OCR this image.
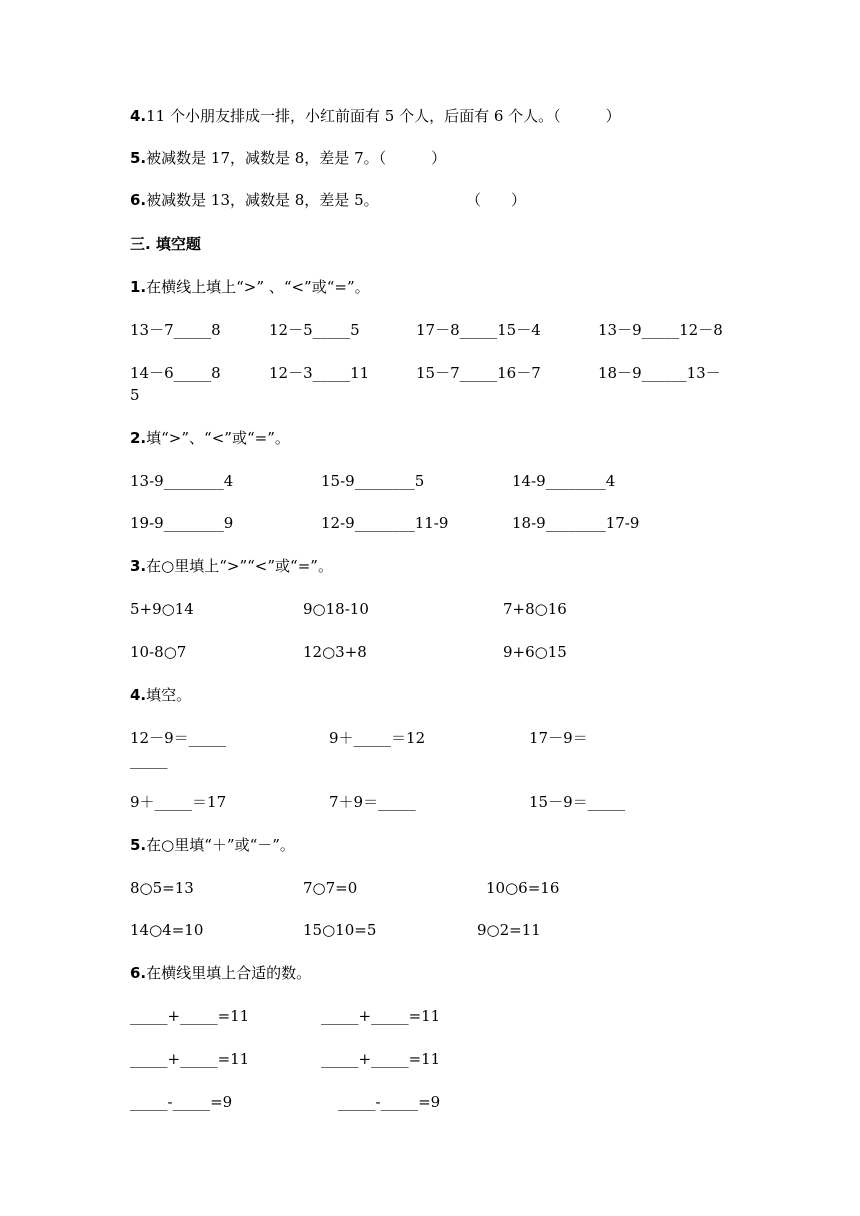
4.11 个小朋友排成一排，小红前面有 5 个人，后面有 6 个人。（　　　）
5.被减数是 17，减数是 8，差是 7。（　　　）
6.被减数是 13，减数是 8，差是 5。	（　　）
三. 填空题
1.在横线上填上“>” 、“<”或“=”。
13－7_____8	12－5_____5	17－8_____15－4	13－9_____12－8
14－6_____8	12－3_____11	15－7_____16－7	18－9______13－
5
2.填“>”、“<”或“=”。
13-9________4	15-9________5	14-9________4
19-9________9	12-9________11-9	18-9________17-9
3.在○里填上“>”“<”或“=”。
5+9○14	9○18-10	7+8○16
10-8○7	12○3+8	9+6○15
4.填空。
12－9＝_____	9＋_____＝12	17－9＝
_____
9＋_____＝17	7＋9＝_____	15－9＝_____
5.在○里填“＋”或“－”。
8○5=13	7○7=0	10○6=16
14○4=10	15○10=5	9○2=11
6.在横线里填上合适的数。
_____+_____=11	_____+_____=11
_____+_____=11	_____+_____=11
_____-_____=9	_____-_____=9
